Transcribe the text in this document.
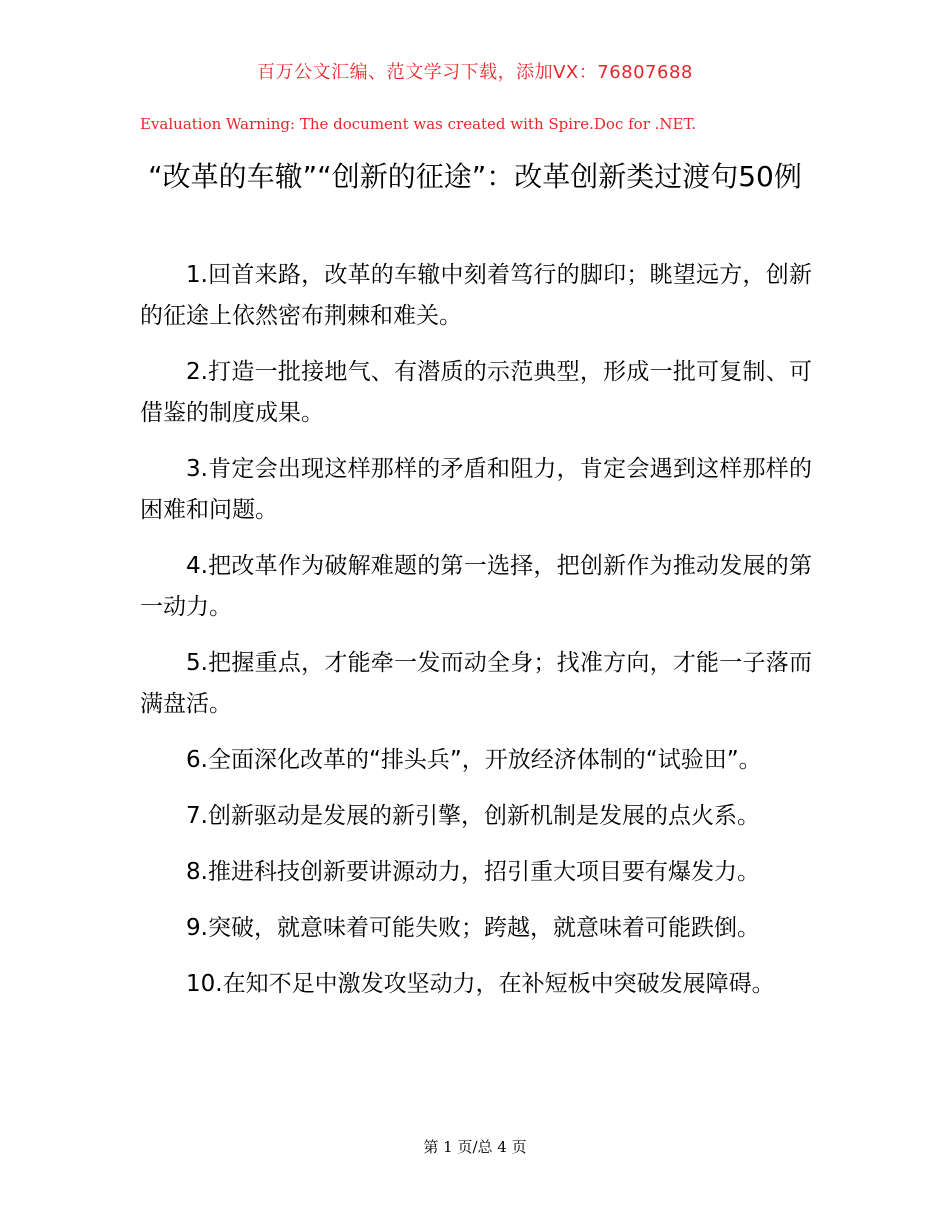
百万公文汇编、范文学习下载，添加VX：76807688
Evaluation Warning: The document was created with Spire.Doc for .NET.
“改革的车辙”“创新的征途”：改革创新类过渡句50例

1.回首来路，改革的车辙中刻着笃行的脚印；眺望远方，创新的征途上依然密布荆棘和难关。

2.打造一批接地气、有潜质的示范典型，形成一批可复制、可借鉴的制度成果。

3.肯定会出现这样那样的矛盾和阻力，肯定会遇到这样那样的困难和问题。

4.把改革作为破解难题的第一选择，把创新作为推动发展的第一动力。

5.把握重点，才能牵一发而动全身；找准方向，才能一子落而满盘活。

6.全面深化改革的“排头兵”，开放经济体制的“试验田”。

7.创新驱动是发展的新引擎，创新机制是发展的点火系。

8.推进科技创新要讲源动力，招引重大项目要有爆发力。

9.突破，就意味着可能失败；跨越，就意味着可能跌倒。

10.在知不足中激发攻坚动力，在补短板中突破发展障碍。

第 1 页/总 4 页
